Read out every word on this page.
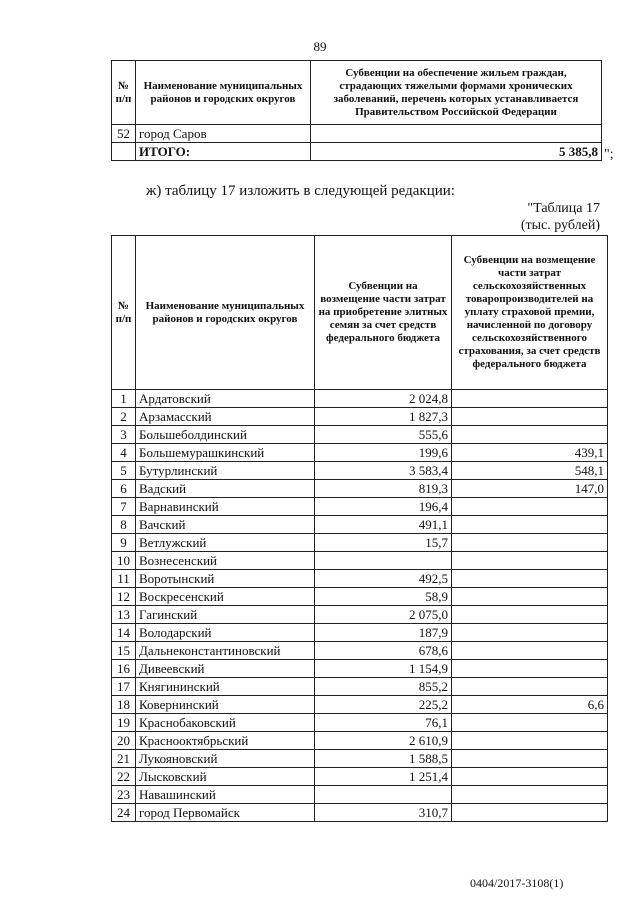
89
№ п/п	Наименование муниципальных районов и городских округов	Субвенции на обеспечение жильем граждан, страдающих тяжелыми формами хронических заболеваний, перечень которых устанавливается Правительством Российской Федерации
52	город Саров	
	ИТОГО:	5 385,8 ";
ж) таблицу 17 изложить в следующей редакции:
"Таблица 17
(тыс. рублей)
№ п/п	Наименование муниципальных районов и городских округов	Субвенции на возмещение части затрат на приобретение элитных семян за счет средств федерального бюджета	Субвенции на возмещение части затрат сельскохозяйственных товаропроизводителей на уплату страховой премии, начисленной по договору сельскохозяйственного страхования, за счет средств федерального бюджета
1	Ардатовский	2 024,8	
2	Арзамасский	1 827,3	
3	Большеболдинский	555,6	
4	Большемурашкинский	199,6	439,1
5	Бутурлинский	3 583,4	548,1
6	Вадский	819,3	147,0
7	Варнавинский	196,4	
8	Вачский	491,1	
9	Ветлужский	15,7	
10	Вознесенский		
11	Воротынский	492,5	
12	Воскресенский	58,9	
13	Гагинский	2 075,0	
14	Володарский	187,9	
15	Дальнеконстантиновский	678,6	
16	Дивеевский	1 154,9	
17	Княгининский	855,2	
18	Ковернинский	225,2	6,6
19	Краснобаковский	76,1	
20	Краснооктябрьский	2 610,9	
21	Лукояновский	1 588,5	
22	Лысковский	1 251,4	
23	Навашинский		
24	город Первомайск	310,7	
0404/2017-3108(1)
